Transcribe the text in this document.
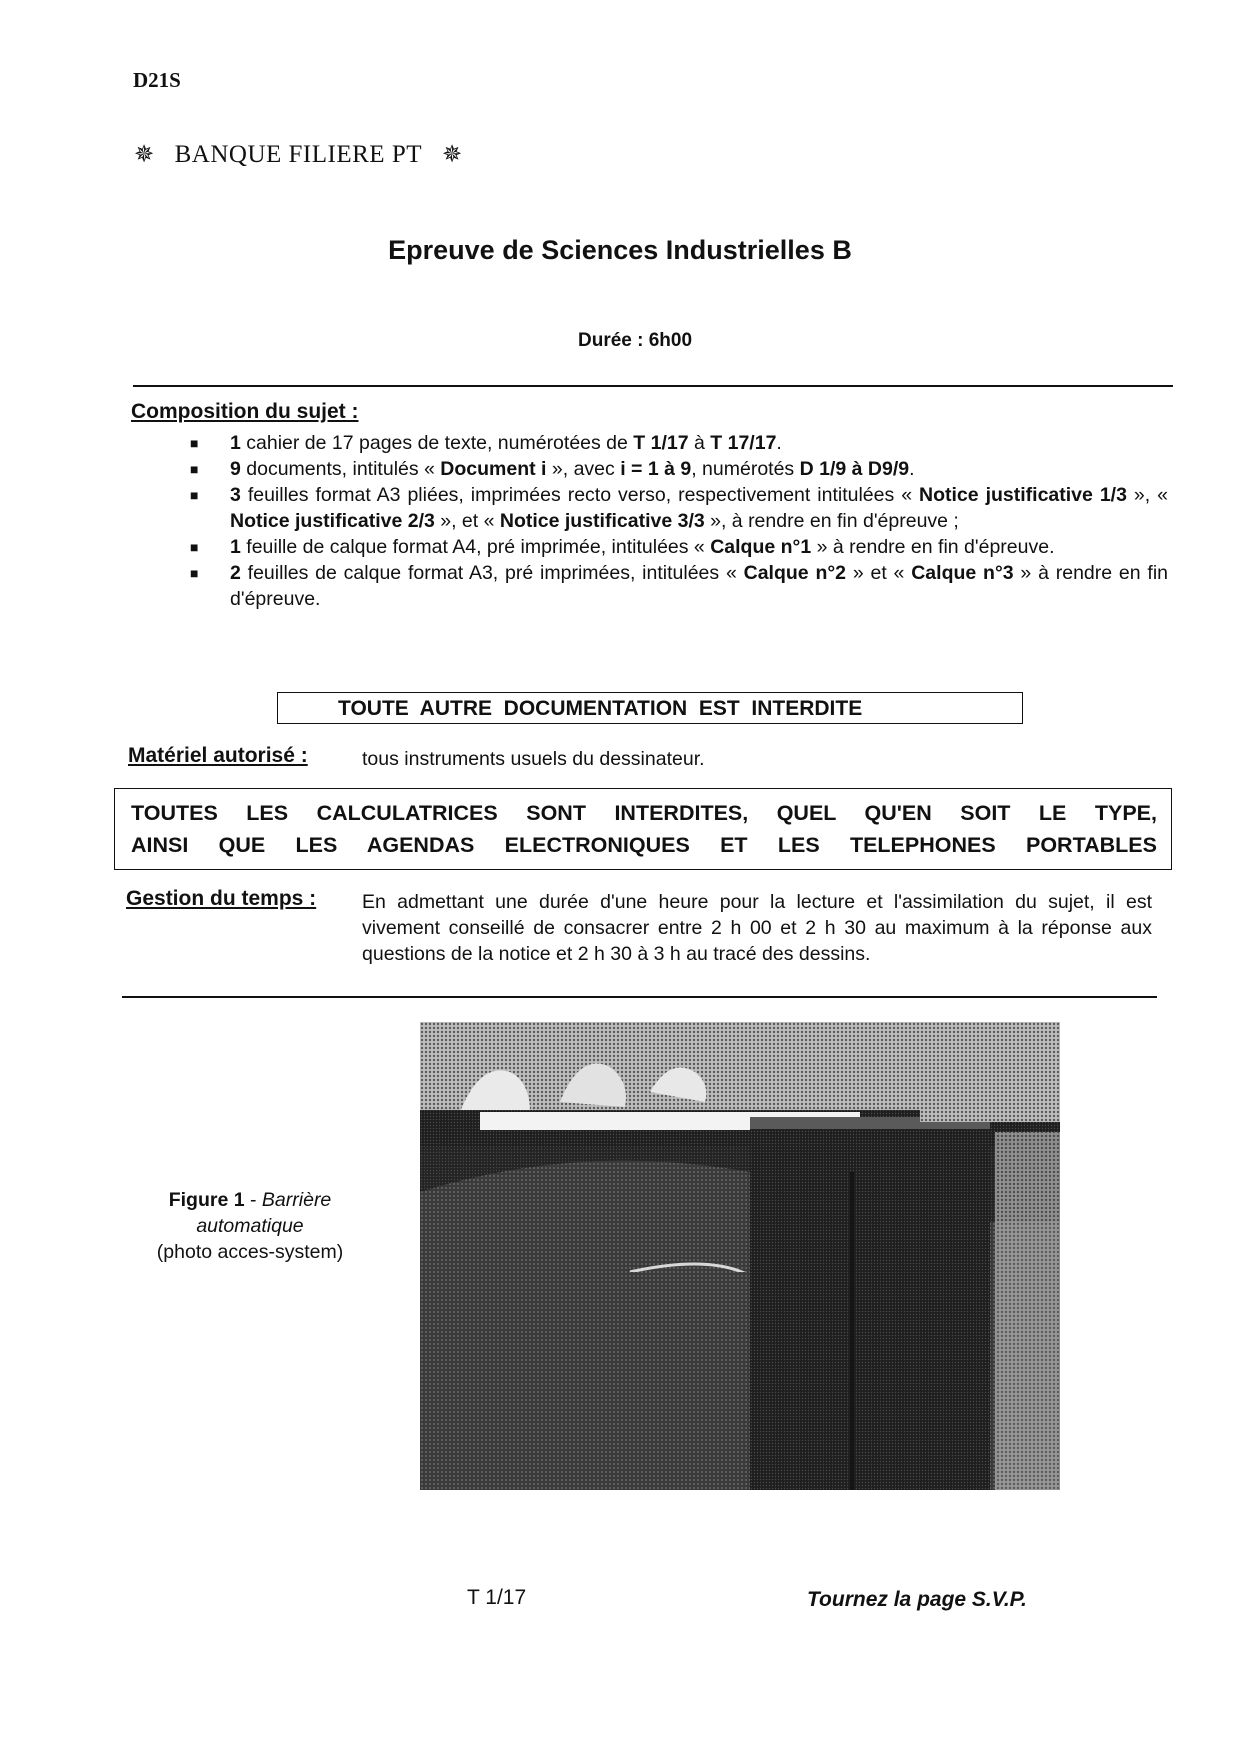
D21S
✵ BANQUE FILIERE PT ✵
Epreuve de Sciences Industrielles B
Durée : 6h00
Composition du sujet :
■ 1 cahier de 17 pages de texte, numérotées de T 1/17 à T 17/17.
■ 9 documents, intitulés « Document i », avec i = 1 à 9, numérotés D 1/9 à D9/9.
■ 3 feuilles format A3 pliées, imprimées recto verso, respectivement intitulées « Notice justificative 1/3 », « Notice justificative 2/3 », et « Notice justificative 3/3 », à rendre en fin d'épreuve ;
■ 1 feuille de calque format A4, pré imprimée, intitulées « Calque n°1 » à rendre en fin d'épreuve.
■ 2 feuilles de calque format A3, pré imprimées, intitulées « Calque n°2 » et « Calque n°3 » à rendre en fin d'épreuve.
TOUTE  AUTRE  DOCUMENTATION  EST  INTERDITE
Matériel autorisé :	tous instruments usuels du dessinateur.
TOUTES LES CALCULATRICES SONT INTERDITES, QUEL QU'EN SOIT LE TYPE,
AINSI QUE LES AGENDAS ELECTRONIQUES ET LES TELEPHONES PORTABLES
Gestion du temps : En admettant une durée d'une heure pour la lecture et l'assimilation du sujet, il est vivement conseillé de consacrer entre 2 h 00 et 2 h 30 au maximum à la réponse aux questions de la notice et 2 h 30 à 3 h au tracé des dessins.
Figure 1 - Barrière automatique
(photo acces-system)
T 1/17	Tournez la page S.V.P.
